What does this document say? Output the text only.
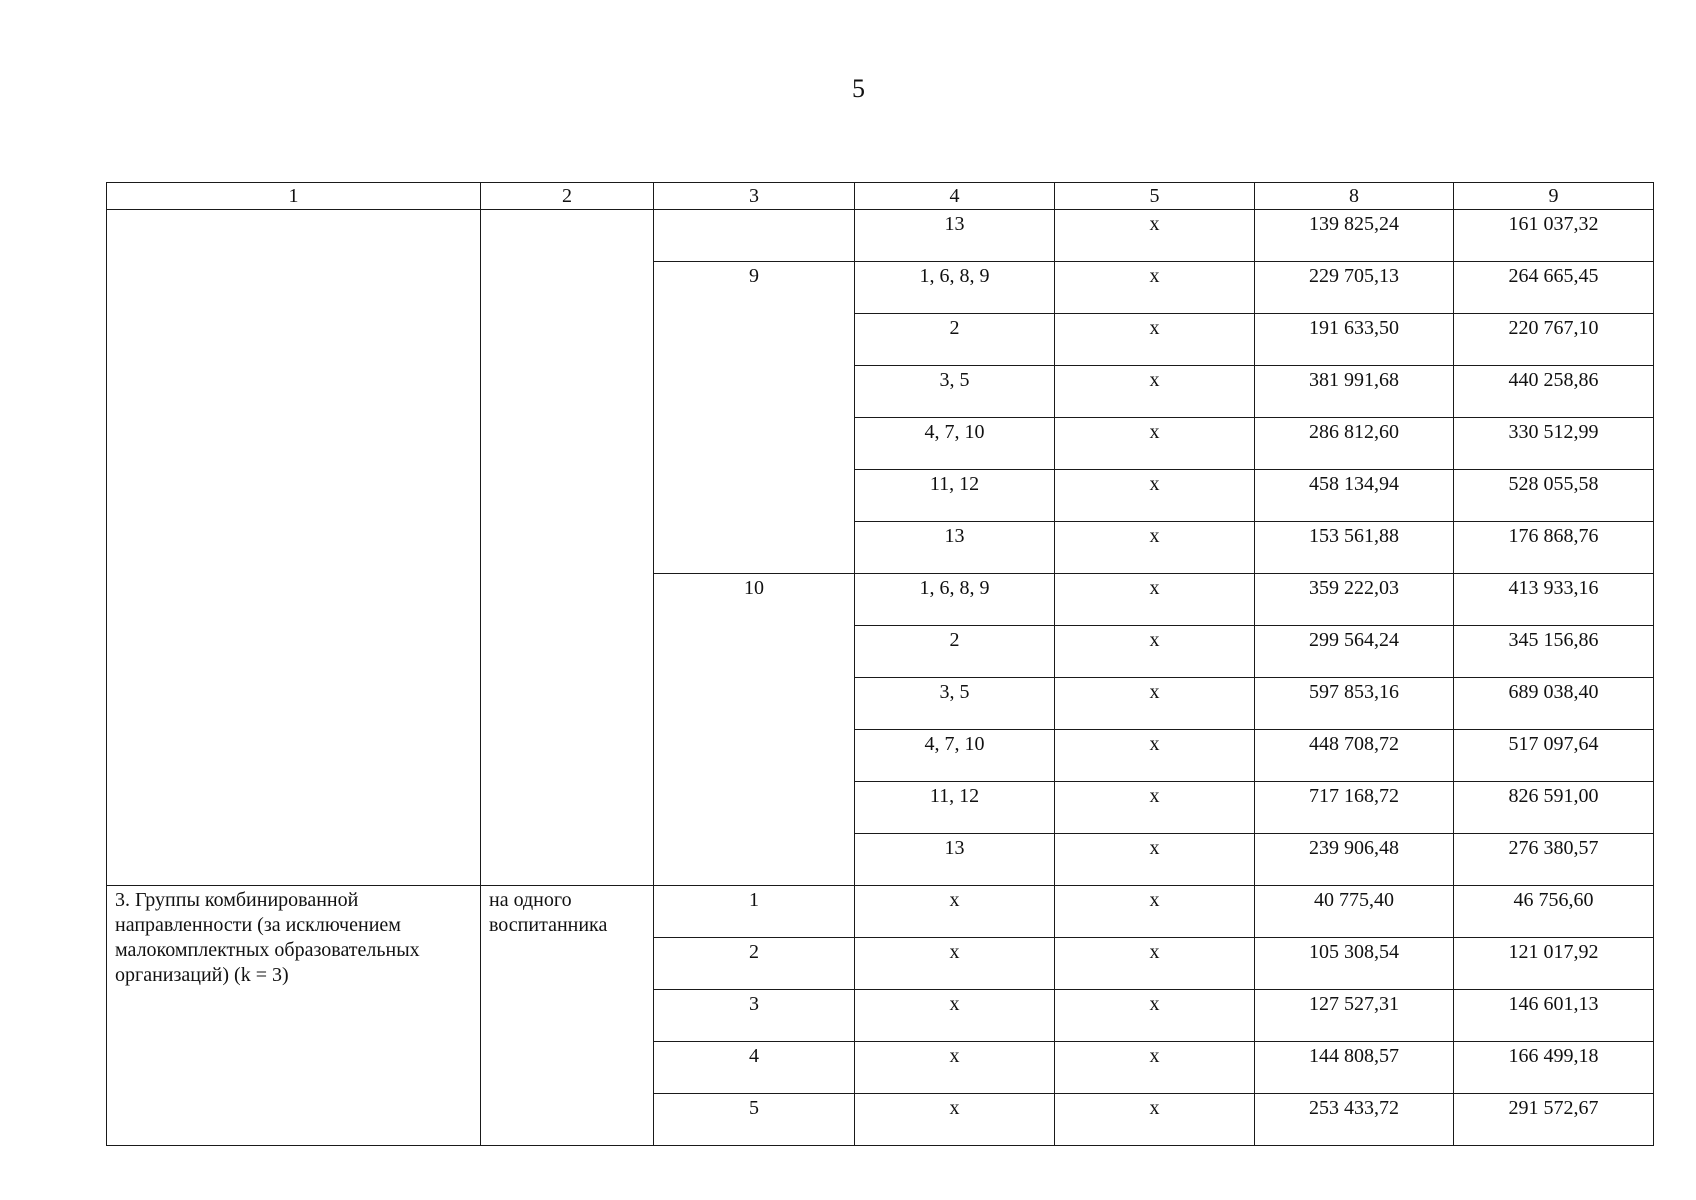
5
1	2	3	4	5	8	9
			13	x	139 825,24	161 037,32
		9	1, 6, 8, 9	x	229 705,13	264 665,45
			2	x	191 633,50	220 767,10
			3, 5	x	381 991,68	440 258,86
			4, 7, 10	x	286 812,60	330 512,99
			11, 12	x	458 134,94	528 055,58
			13	x	153 561,88	176 868,76
		10	1, 6, 8, 9	x	359 222,03	413 933,16
			2	x	299 564,24	345 156,86
			3, 5	x	597 853,16	689 038,40
			4, 7, 10	x	448 708,72	517 097,64
			11, 12	x	717 168,72	826 591,00
			13	x	239 906,48	276 380,57
3. Группы комбинированной направленности (за исключением малокомплектных образовательных организаций) (k = 3)	на одного воспитанника	1	x	x	40 775,40	46 756,60
		2	x	x	105 308,54	121 017,92
		3	x	x	127 527,31	146 601,13
		4	x	x	144 808,57	166 499,18
		5	x	x	253 433,72	291 572,67
